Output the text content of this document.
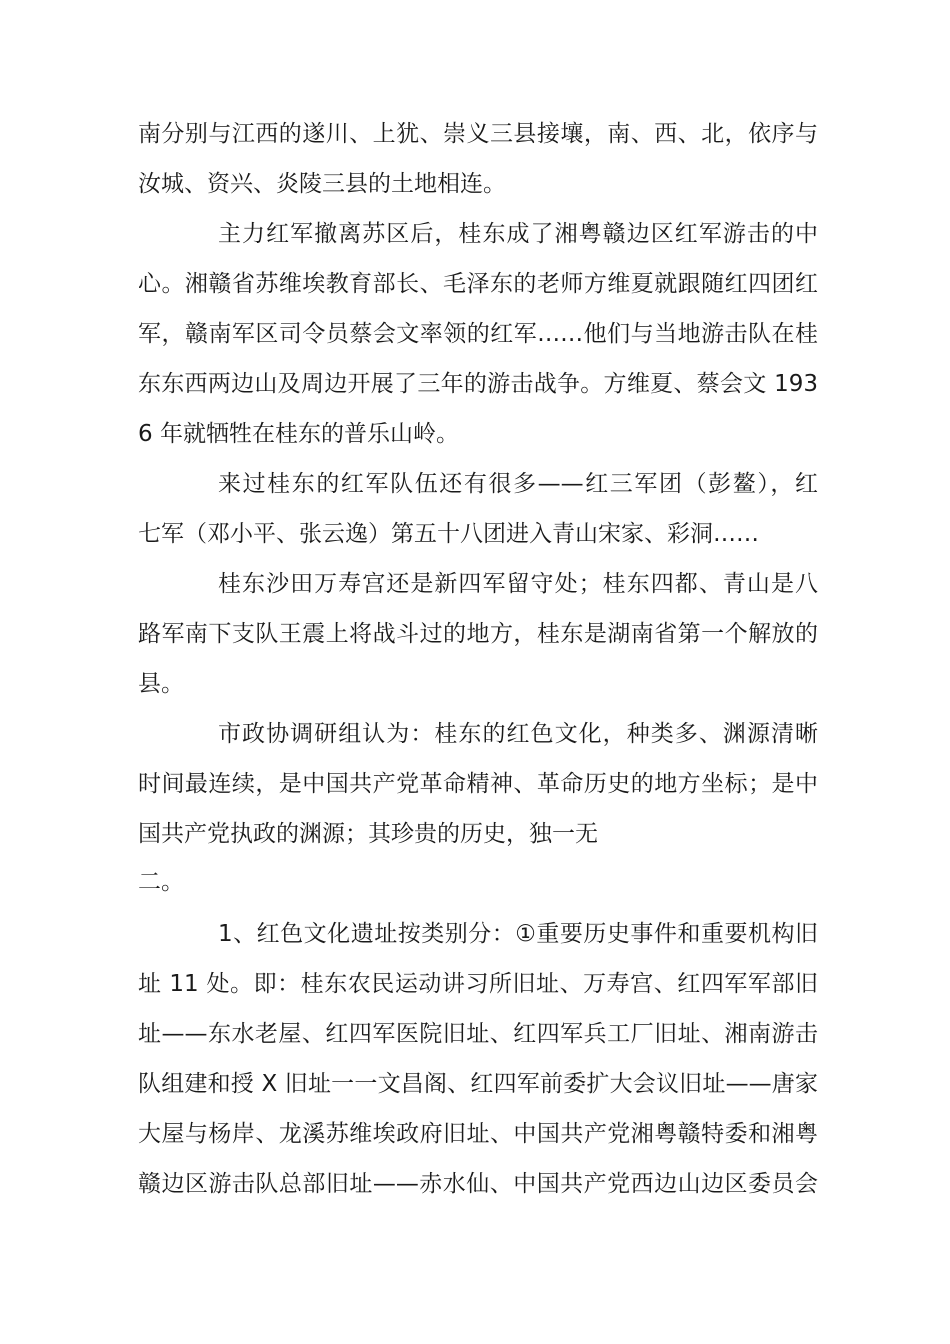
南分别与江西的遂川、上犹、崇义三县接壤，南、西、北，依序与
汝城、资兴、炎陵三县的土地相连。
主力红军撤离苏区后，桂东成了湘粤赣边区红军游击的中
心。湘赣省苏维埃教育部长、毛泽东的老师方维夏就跟随红四团红
军，赣南军区司令员蔡会文率领的红军……他们与当地游击队在桂
东东西两边山及周边开展了三年的游击战争。方维夏、蔡会文 193
6 年就牺牲在桂东的普乐山岭。
来过桂东的红军队伍还有很多——红三军团（彭鳌），红
七军（邓小平、张云逸）第五十八团进入青山宋家、彩洞……
桂东沙田万寿宫还是新四军留守处；桂东四都、青山是八
路军南下支队王震上将战斗过的地方，桂东是湖南省第一个解放的
县。
市政协调研组认为：桂东的红色文化，种类多、渊源清晰
时间最连续，是中国共产党革命精神、革命历史的地方坐标；是中
国共产党执政的渊源；其珍贵的历史，独一无
二。
1、红色文化遗址按类别分：①重要历史事件和重要机构旧
址 11 处。即：桂东农民运动讲习所旧址、万寿宫、红四军军部旧
址——东水老屋、红四军医院旧址、红四军兵工厂旧址、湘南游击
队组建和授 X 旧址一一文昌阁、红四军前委扩大会议旧址——唐家
大屋与杨岸、龙溪苏维埃政府旧址、中国共产党湘粤赣特委和湘粤
赣边区游击队总部旧址——赤水仙、中国共产党西边山边区委员会
